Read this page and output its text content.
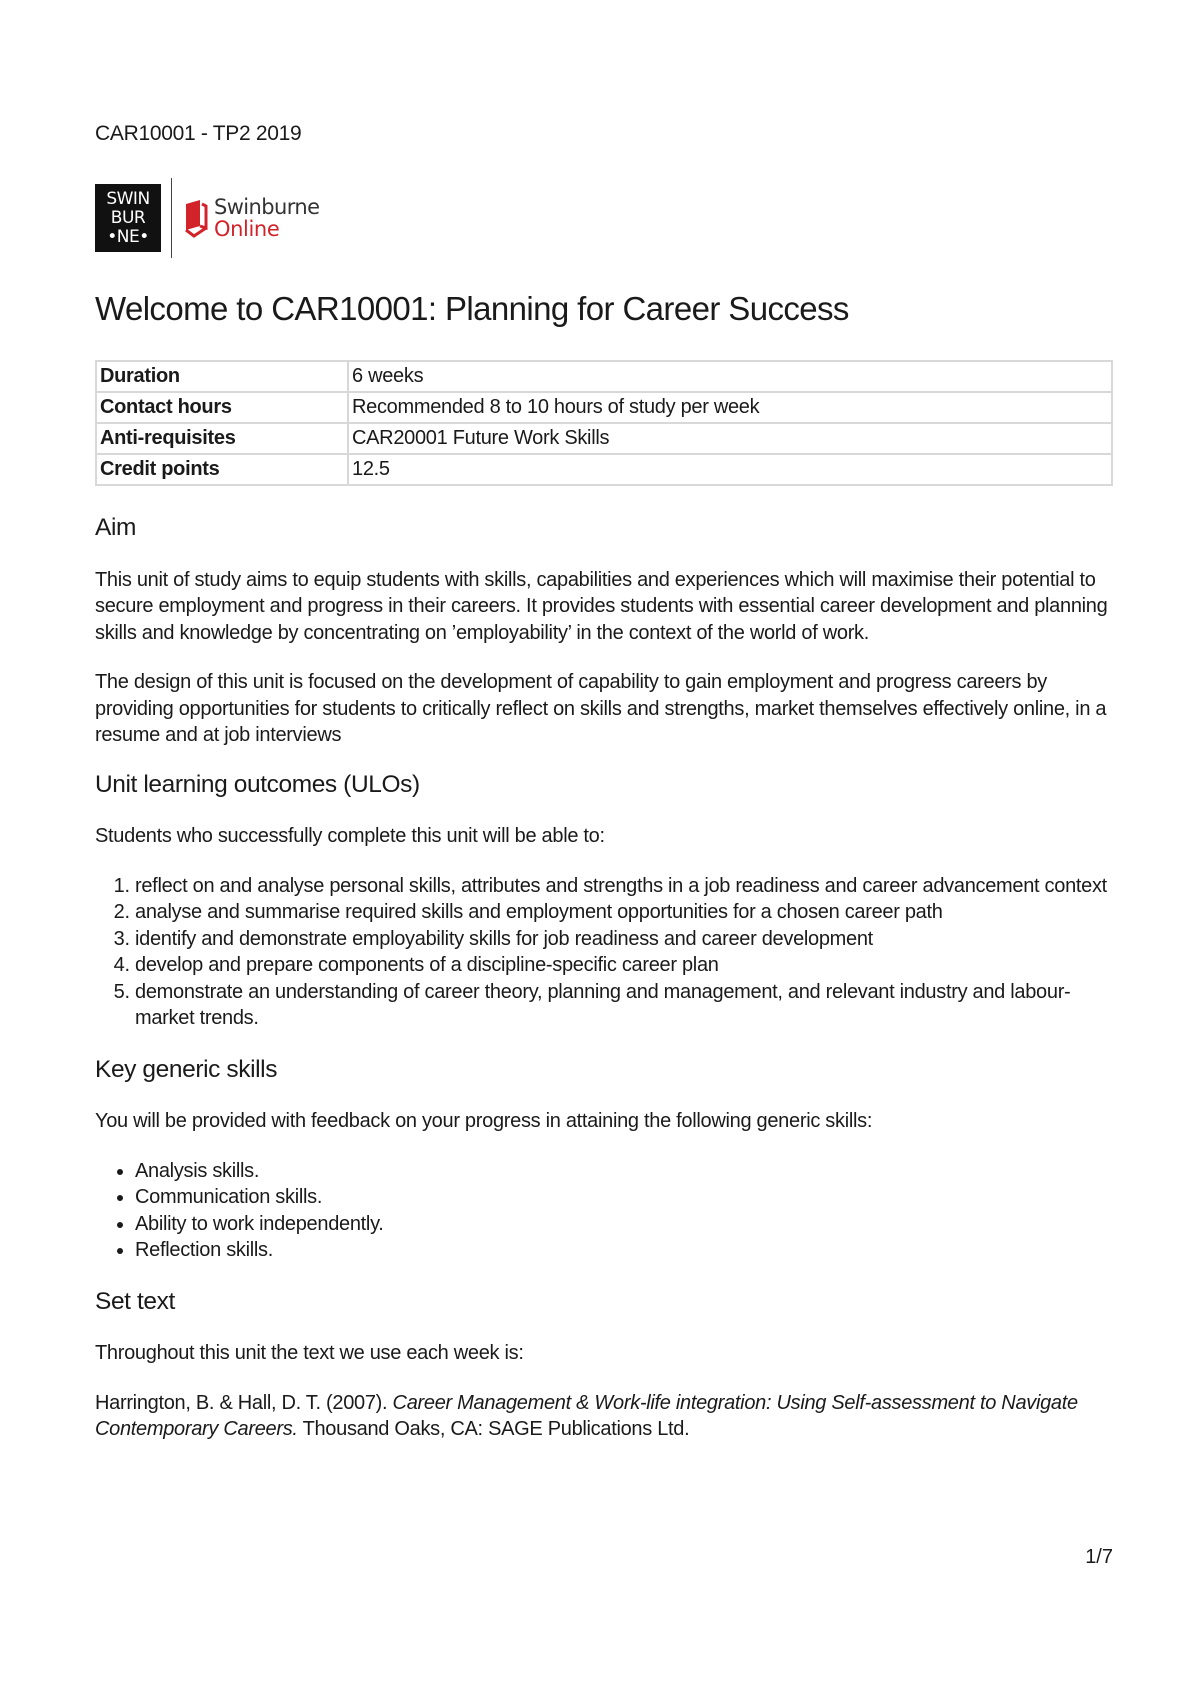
CAR10001 - TP2 2019
SWIN
BUR
•NE•
Swinburne
Online
Welcome to CAR10001: Planning for Career Success
Duration	6 weeks
Contact hours	Recommended 8 to 10 hours of study per week
Anti-requisites	CAR20001 Future Work Skills
Credit points	12.5
Aim

This unit of study aims to equip students with skills, capabilities and experiences which will maximise their potential to secure employment and progress in their careers. It provides students with essential career development and planning skills and knowledge by concentrating on ’employability’ in the context of the world of work.

The design of this unit is focused on the development of capability to gain employment and progress careers by providing opportunities for students to critically reflect on skills and strengths, market themselves effectively online, in a resume and at job interviews

Unit learning outcomes (ULOs)

Students who successfully complete this unit will be able to:

1. reflect on and analyse personal skills, attributes and strengths in a job readiness and career advancement context
2. analyse and summarise required skills and employment opportunities for a chosen career path
3. identify and demonstrate employability skills for job readiness and career development
4. develop and prepare components of a discipline-specific career plan
5. demonstrate an understanding of career theory, planning and management, and relevant industry and labour-market trends.
Key generic skills

You will be provided with feedback on your progress in attaining the following generic skills:

• Analysis skills.
• Communication skills.
• Ability to work independently.
• Reflection skills.
Set text

Throughout this unit the text we use each week is:

Harrington, B. & Hall, D. T. (2007). Career Management & Work-life integration: Using Self-assessment to Navigate Contemporary Careers. Thousand Oaks, CA: SAGE Publications Ltd.

1/7
